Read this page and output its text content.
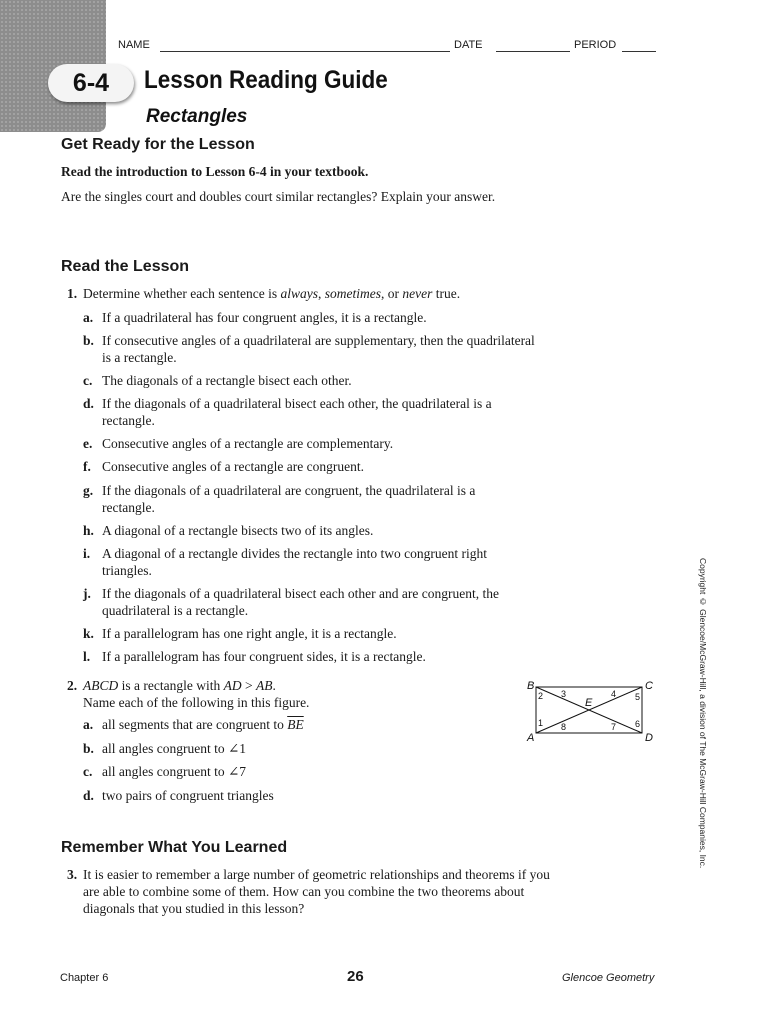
NAME	DATE	PERIOD
6-4	Lesson Reading Guide
Rectangles
Get Ready for the Lesson
Read the introduction to Lesson 6-4 in your textbook.
Are the singles court and doubles court similar rectangles? Explain your answer.
Read the Lesson
1. Determine whether each sentence is always, sometimes, or never true.
a. If a quadrilateral has four congruent angles, it is a rectangle.
b. If consecutive angles of a quadrilateral are supplementary, then the quadrilateral
is a rectangle.
c. The diagonals of a rectangle bisect each other.
d. If the diagonals of a quadrilateral bisect each other, the quadrilateral is a
rectangle.
e. Consecutive angles of a rectangle are complementary.
f. Consecutive angles of a rectangle are congruent.
g. If the diagonals of a quadrilateral are congruent, the quadrilateral is a
rectangle.
h. A diagonal of a rectangle bisects two of its angles.
i. A diagonal of a rectangle divides the rectangle into two congruent right
triangles.
j. If the diagonals of a quadrilateral bisect each other and are congruent, the
quadrilateral is a rectangle.
k. If a parallelogram has one right angle, it is a rectangle.
l. If a parallelogram has four congruent sides, it is a rectangle.
2. ABCD is a rectangle with AD > AB.
Name each of the following in this figure.
a. all segments that are congruent to $\overline{BE}$
b. all angles congruent to ∠1
c. all angles congruent to ∠7
d. two pairs of congruent triangles
B	C
A	D
E
1
2 3	4 5
6
7
8
Remember What You Learned
3. It is easier to remember a large number of geometric relationships and theorems if you
are able to combine some of them. How can you combine the two theorems about
diagonals that you studied in this lesson?
Copyright © Glencoe/McGraw-Hill, a division of The McGraw-Hill Companies, Inc.
Chapter 6	26	Glencoe Geometry
